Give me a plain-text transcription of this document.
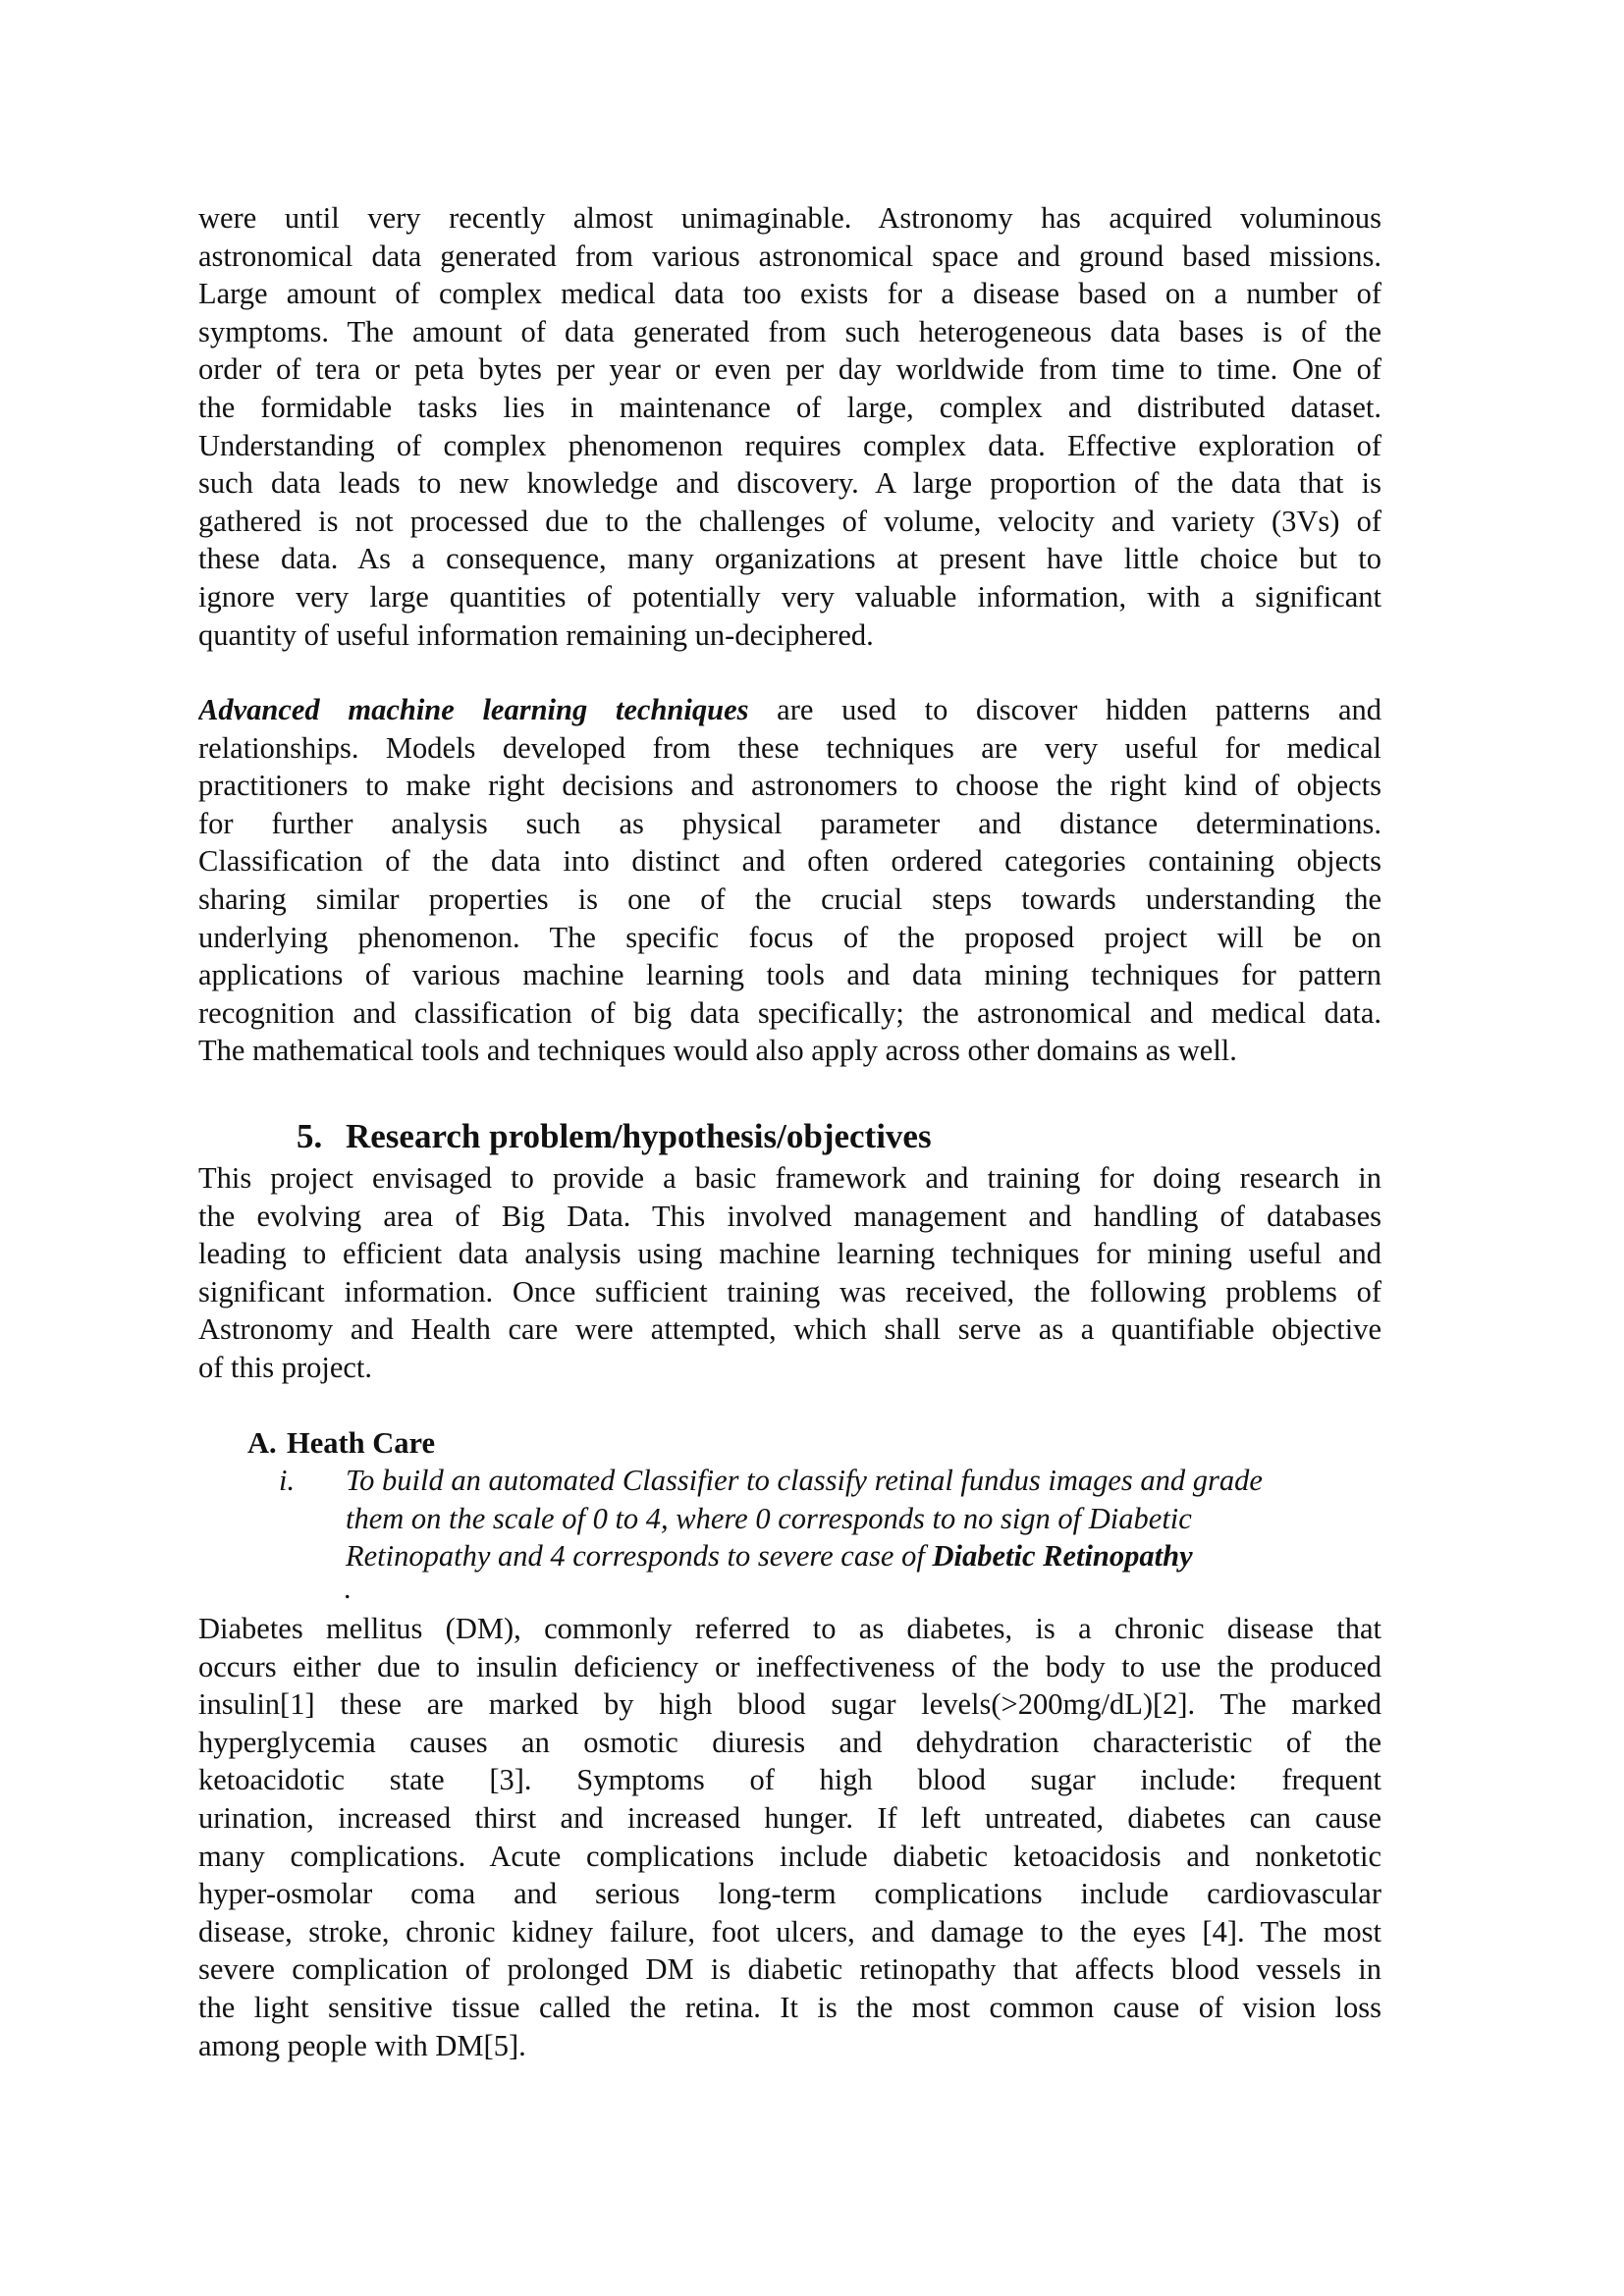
were until very recently almost unimaginable. Astronomy has acquired voluminous
astronomical data generated from various astronomical space and ground based missions.
Large amount of complex medical data too exists for a disease based on a number of
symptoms. The amount of data generated from such heterogeneous data bases is of the
order of tera or peta bytes per year or even per day worldwide from time to time. One of
the formidable tasks lies in maintenance of large, complex and distributed dataset.
Understanding of complex phenomenon requires complex data. Effective exploration of
such data leads to new knowledge and discovery. A large proportion of the data that is
gathered is not processed due to the challenges of volume, velocity and variety (3Vs) of
these data. As a consequence, many organizations at present have little choice but to
ignore very large quantities of potentially very valuable information, with a significant
quantity of useful information remaining un-deciphered.
Advanced machine learning techniques are used to discover hidden patterns and
relationships. Models developed from these techniques are very useful for medical
practitioners to make right decisions and astronomers to choose the right kind of objects
for further analysis such as physical parameter and distance determinations.
Classification of the data into distinct and often ordered categories containing objects
sharing similar properties is one of the crucial steps towards understanding the
underlying phenomenon. The specific focus of the proposed project will be on
applications of various machine learning tools and data mining techniques for pattern
recognition and classification of big data specifically; the astronomical and medical data.
The mathematical tools and techniques would also apply across other domains as well.
5. Research problem/hypothesis/objectives
This project envisaged to provide a basic framework and training for doing research in
the evolving area of Big Data. This involved management and handling of databases
leading to efficient data analysis using machine learning techniques for mining useful and
significant information. Once sufficient training was received, the following problems of
Astronomy and Health care were attempted, which shall serve as a quantifiable objective
of this project.
A. Heath Care
i. To build an automated Classifier to classify retinal fundus images and grade
them on the scale of 0 to 4, where 0 corresponds to no sign of Diabetic
Retinopathy and 4 corresponds to severe case of Diabetic Retinopathy
.
Diabetes mellitus (DM), commonly referred to as diabetes, is a chronic disease that
occurs either due to insulin deficiency or ineffectiveness of the body to use the produced
insulin[1] these are marked by high blood sugar levels(>200mg/dL)[2]. The marked
hyperglycemia causes an osmotic diuresis and dehydration characteristic of the
ketoacidotic state [3]. Symptoms of high blood sugar include: frequent
urination, increased thirst and increased hunger. If left untreated, diabetes can cause
many complications. Acute complications include diabetic ketoacidosis and nonketotic
hyper-osmolar coma and serious long-term complications include cardiovascular
disease, stroke, chronic kidney failure, foot ulcers, and damage to the eyes [4]. The most
severe complication of prolonged DM is diabetic retinopathy that affects blood vessels in
the light sensitive tissue called the retina. It is the most common cause of vision loss
among people with DM[5].
